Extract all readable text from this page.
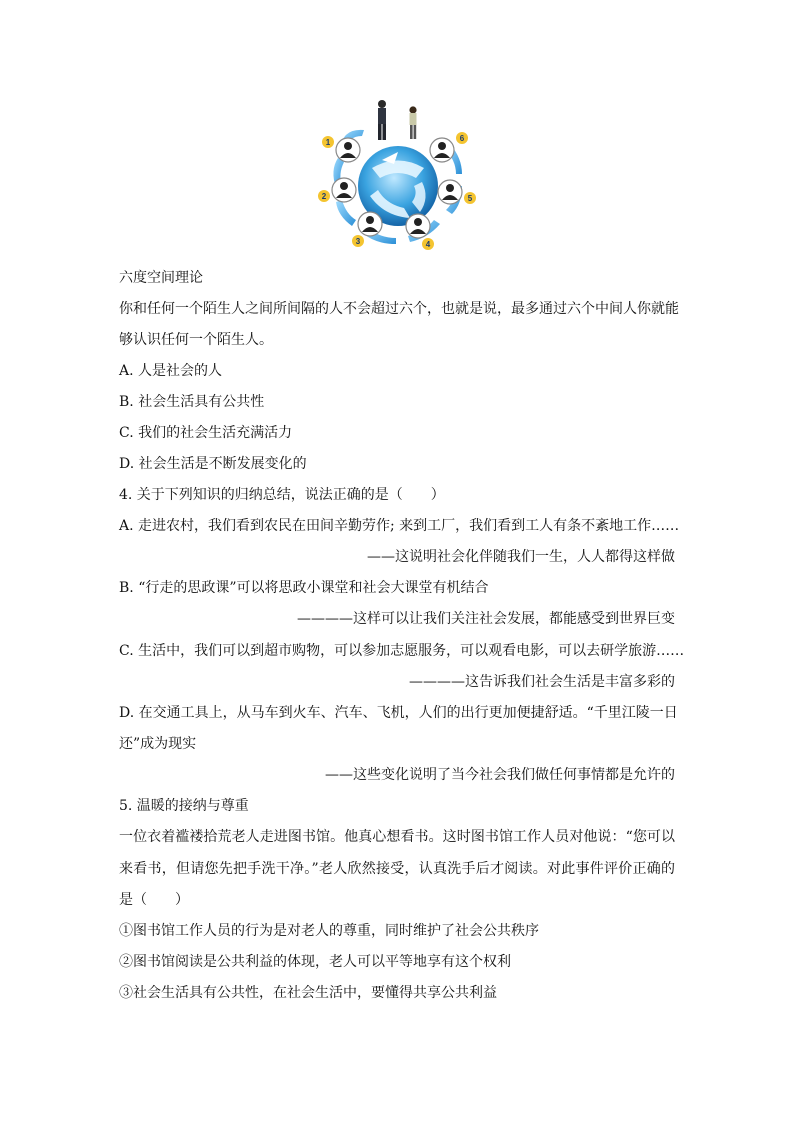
1
2
3	4
5
6
六度空间理论
你和任何一个陌生人之间所间隔的人不会超过六个，也就是说，最多通过六个中间人你就能
够认识任何一个陌生人。
A. 人是社会的人
B. 社会生活具有公共性
C. 我们的社会生活充满活力
D. 社会生活是不断发展变化的
4. 关于下列知识的归纳总结，说法正确的是（　　）
A. 走进农村，我们看到农民在田间辛勤劳作; 来到工厂，我们看到工人有条不紊地工作……
——这说明社会化伴随我们一生，人人都得这样做
B. “行走的思政课”可以将思政小课堂和社会大课堂有机结合
————这样可以让我们关注社会发展，都能感受到世界巨变
C. 生活中，我们可以到超市购物，可以参加志愿服务，可以观看电影，可以去研学旅游……
————这告诉我们社会生活是丰富多彩的
D. 在交通工具上，从马车到火车、汽车、飞机，人们的出行更加便捷舒适。“千里江陵一日
还”成为现实
——这些变化说明了当今社会我们做任何事情都是允许的
5. 温暖的接纳与尊重
一位衣着褴褛拾荒老人走进图书馆。他真心想看书。这时图书馆工作人员对他说：“您可以
来看书，但请您先把手洗干净。”老人欣然接受，认真洗手后才阅读。对此事件评价正确的
是（　　）
①图书馆工作人员的行为是对老人的尊重，同时维护了社会公共秩序
②图书馆阅读是公共利益的体现，老人可以平等地享有这个权利
③社会生活具有公共性，在社会生活中，要懂得共享公共利益
